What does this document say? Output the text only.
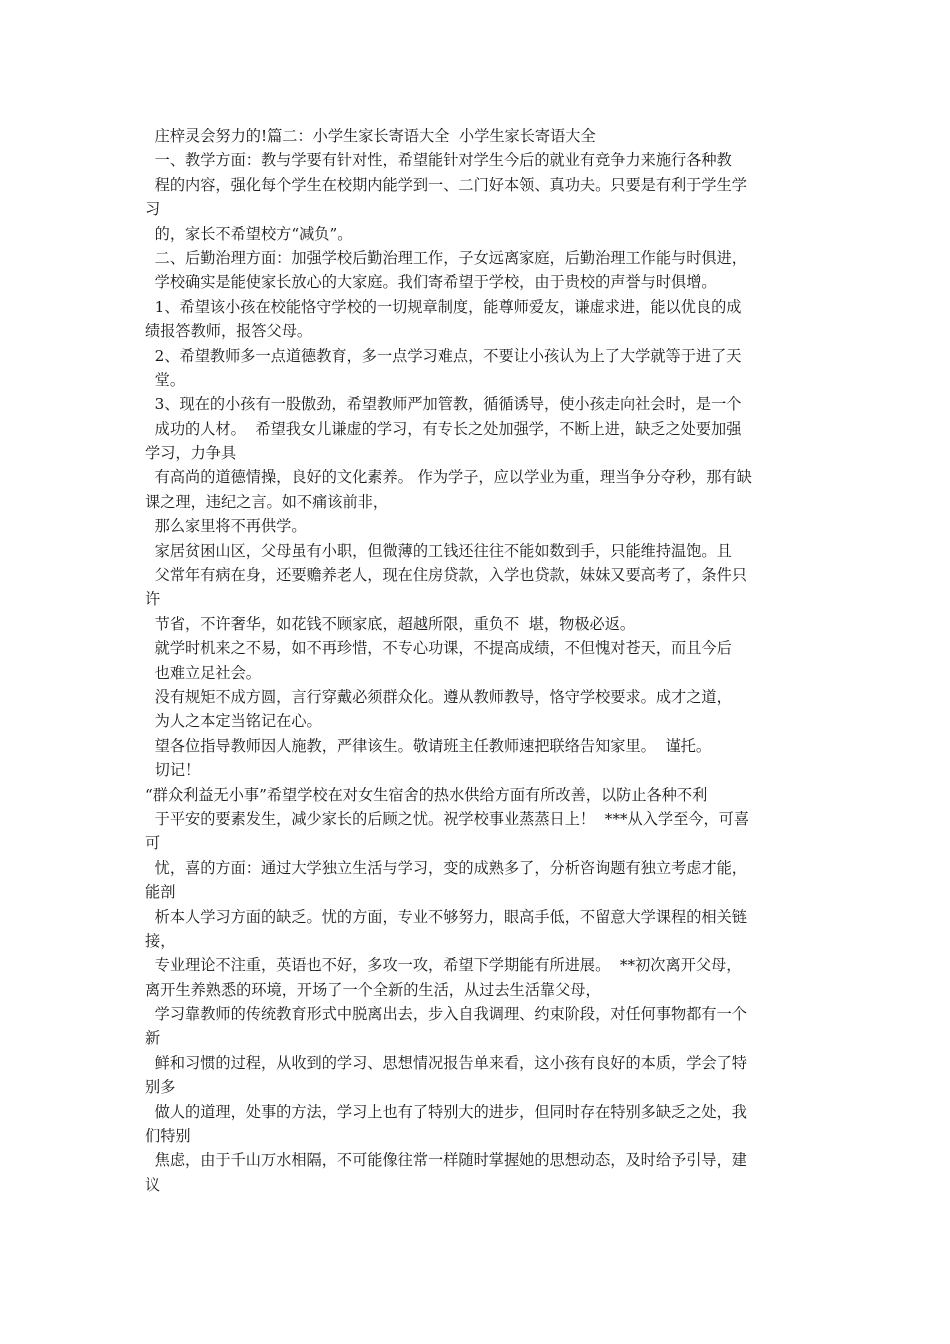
庄梓灵会努力的!篇二：小学生家长寄语大全  小学生家长寄语大全
一、教学方面：教与学要有针对性，希望能针对学生今后的就业有竞争力来施行各种教
程的内容，强化每个学生在校期内能学到一、二门好本领、真功夫。只要是有利于学生学
习
的，家长不希望校方“减负”。
二、后勤治理方面：加强学校后勤治理工作，子女远离家庭，后勤治理工作能与时俱进，
学校确实是能使家长放心的大家庭。我们寄希望于学校，由于贵校的声誉与时俱增。
1、希望该小孩在校能恪守学校的一切规章制度，能尊师爱友，谦虚求进，能以优良的成
绩报答教师，报答父母。
2、希望教师多一点道德教育，多一点学习难点，不要让小孩认为上了大学就等于进了天
堂。
3、现在的小孩有一股傲劲，希望教师严加管教，循循诱导，使小孩走向社会时，是一个
成功的人材。  希望我女儿谦虚的学习，有专长之处加强学，不断上进，缺乏之处要加强
学习，力争具
有高尚的道德情操，良好的文化素养。 作为学子，应以学业为重，理当争分夺秒，那有缺
课之理，违纪之言。如不痛该前非，
那么家里将不再供学。
家居贫困山区，父母虽有小职，但微薄的工钱还往往不能如数到手，只能维持温饱。且
父常年有病在身，还要赡养老人，现在住房贷款，入学也贷款，妹妹又要高考了，条件只
许
节省，不许奢华，如花钱不顾家底，超越所限，重负不  堪，物极必返。
就学时机来之不易，如不再珍惜，不专心功课，不提高成绩，不但愧对苍天，而且今后
也难立足社会。
没有规矩不成方圆，言行穿戴必须群众化。遵从教师教导，恪守学校要求。成才之道，
为人之本定当铭记在心。
望各位指导教师因人施教，严律该生。敬请班主任教师速把联络告知家里。  谨托。
切记！
“群众利益无小事”希望学校在对女生宿舍的热水供给方面有所改善，以防止各种不利
于平安的要素发生，减少家长的后顾之忧。祝学校事业蒸蒸日上！  ***从入学至今，可喜
可
忧，喜的方面：通过大学独立生活与学习，变的成熟多了，分析咨询题有独立考虑才能，
能剖
析本人学习方面的缺乏。忧的方面，专业不够努力，眼高手低，不留意大学课程的相关链
接，
专业理论不注重，英语也不好，多攻一攻，希望下学期能有所进展。  **初次离开父母，
离开生养熟悉的环境，开场了一个全新的生活，从过去生活靠父母，
学习靠教师的传统教育形式中脱离出去，步入自我调理、约束阶段，对任何事物都有一个
新
鲜和习惯的过程，从收到的学习、思想情况报告单来看，这小孩有良好的本质，学会了特
别多
做人的道理，处事的方法，学习上也有了特别大的进步，但同时存在特别多缺乏之处，我
们特别
焦虑，由于千山万水相隔，不可能像往常一样随时掌握她的思想动态，及时给予引导，建
议
